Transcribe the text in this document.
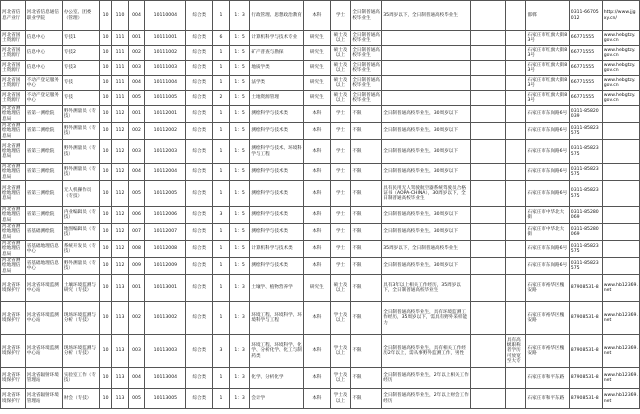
河北省信息产业厅	河北省信息通信职业学院	办公室、团委（管理）	10	110	004	10110004	综合类	1	1：3	行政管理、思想政治教育	本科	学士	全日制普通高校毕业生	35周岁以下，全日制普通高校毕业生			邯郸	0311-66705012	http://www.jjgxy.cn/
河北省国土资源厅	信息中心	专技1	10	111	001	10111001	综合类	6	1：5	计算机科学与技术专业	研究生	硕士及以上	全日制普通高校毕业生				石家庄市红旗大街83号	66771555	www.hebgtzy.gov.cn
河北省国土资源厅	信息中心	专技2	10	111	002	10111002	综合类	1	1：5	矿产普查与勘探	研究生	硕士及以上	全日制普通高校毕业生				石家庄市红旗大街83号	66771555	www.hebgtzy.gov.cn
河北省国土资源厅	信息中心	专技3	10	111	003	10111003	综合类	1	1：5	地质学类	研究生	硕士及以上	全日制普通高校毕业生				石家庄市红旗大街83号	66771555	www.hebgtzy.gov.cn
河北省国土资源厅	不动产登记服务中心	专技	10	111	004	10111004	综合类	1	1：5	法学类	研究生	硕士及以上	全日制普通高校毕业生				石家庄市红旗大街83号	66771555	www.hebgtzy.gov.cn
河北省国土资源厅	不动产登记服务中心	专技	10	111	005	10111005	综合类	2	1：5	土地资源管理	研究生	硕士及以上	全日制普通高校毕业生				石家庄市红旗大街83号	66771555	www.hebgtzy.gov.cn
河北省测绘地理信息局	省第一测绘院	野外测量员（专技）	10	112	001	10112001	综合类	1	1：5	测绘科学与技术类	本科	学士	不限	全日制普通高校毕业生，30周岁以下			石家庄市东岗路6号	0311-85820039	
河北省测绘地理信息局	省第二测绘院	野外测量员（专技）	10	112	002	10112002	综合类	1	1：5	测绘科学与技术类	本科	学士	不限	全日制普通高校毕业生，30周岁以下			石家庄市东岗路6号	0311-85823575	
河北省测绘地理信息局	省第三测绘院	野外测量员（专技）	10	112	003	10112003	综合类	1	1：5	测绘科学与技术、环境科学与工程	本科	学士	不限	全日制普通高校毕业生，30周岁以下			石家庄市东岗路6号	0311-85823575	
河北省测绘地理信息局	省第三测绘院	野外测量员（专技）	10	112	004	10112004	综合类	1	1：5	测绘科学与技术类	本科	学士	不限	全日制普通高校毕业生，30周岁以下			石家庄市东岗路6号	0311-85823575	
河北省测绘地理信息局	省第三测绘院	无人机操作员（专技）	10	112	005	10112005	综合类	1	1：5	测绘科学与技术类	本科	学士	不限	具有民用无人驾驶航空器系统驾驶员合格证书（AOPA-CHINA），30周岁以下，全日制普通高校毕业生			石家庄市东岗路6号	0311-85823575	
河北省测绘地理信息局	省第三测绘院	内业编辑员（专技）	10	112	006	10112006	综合类	3	1：5	测绘科学与技术类	本科	学士	不限	全日制普通高校毕业生，30周岁以下			石家庄市中华北大街	0311-85280069	
河北省测绘地理信息局	省基础测绘院	地图编辑员（专技）	10	112	007	10112007	综合类	1	1：5	测绘科学与技术类	本科	学士	不限	全日制普通高校毕业生，30周岁以下			石家庄市中华北大街	0311-85280069	
河北省测绘地理信息局	省基础地理信息中心	系统开发员（专技）	10	112	008	10112008	综合类	1	1：5	计算机科学与技术类	本科	学士	不限	35周岁以下，全日制普通高校毕业生			石家庄市东岗路6号	0311-85823575	
河北省测绘地理信息局	省基础地理信息中心	野外测量员（专技）	10	112	009	10112009	综合类	1	1：5	测绘科学与技术类	本科	学士	不限	全日制普通高校毕业生，30周岁以下			石家庄市东岗路6号	0311-85823575	
河北省环境保护厅	河北省环境监测中心站	土壤环境监测与研究（专技）	10	113	001	10113001	综合类	1	1：3	土壤学、植物营养学	研究生	硕士及以上	不限	具有3年以上相关工作经历，35周岁以下，全日制普通高校毕业生			石家庄市裕华区槐安路	87908531-8	www.hb12369.net
河北省环境保护厅	河北省环境监测中心站	现场环境监测与分析（专技）	10	113	002	10113002	综合类	1	1：3	环境工程、环境科学、环境科学与工程	本科	学士及以上	不限	全日制普通高校毕业生，具有环境监测工作经历，35周岁以下，需具有野外采样能力			石家庄市裕华区槐安路	87908531-8	www.hb12369.net
河北省环境保护厅	河北省环境监测中心站	现场环境监测与分析（专技）	10	113	003	10113003	综合类	3	1：3	环境工程、环境科学、化学、分析化学、化工与制药类	本科	学士及以上	不限	全日制普通高校毕业生，具有相关工作经历2年以上，需从事野外监测工作，男性		具有高级职称者学历可放宽至大专	石家庄市裕华区槐安路	87908531-8	www.hb12369.net
河北省环境保护厅	河北省辐射环境管理站	实验室工作（专技）	10	113	004	10113004	综合类	1	1：3	化学、分析化学	本科	学士及以上	不限	全日制普通高校毕业生，2年以上相关工作经历			石家庄市和平东路	87908531-8	www.hb12369.net
河北省环境保护厅	河北省辐射环境管理站	财会（专技）	10	113	005	10113005	综合类	1	1：3	会计学	本科	学士及以上	不限	全日制普通高校毕业生，2年以上财会工作经历			石家庄市和平东路	87908531-8	www.hb12369.net
